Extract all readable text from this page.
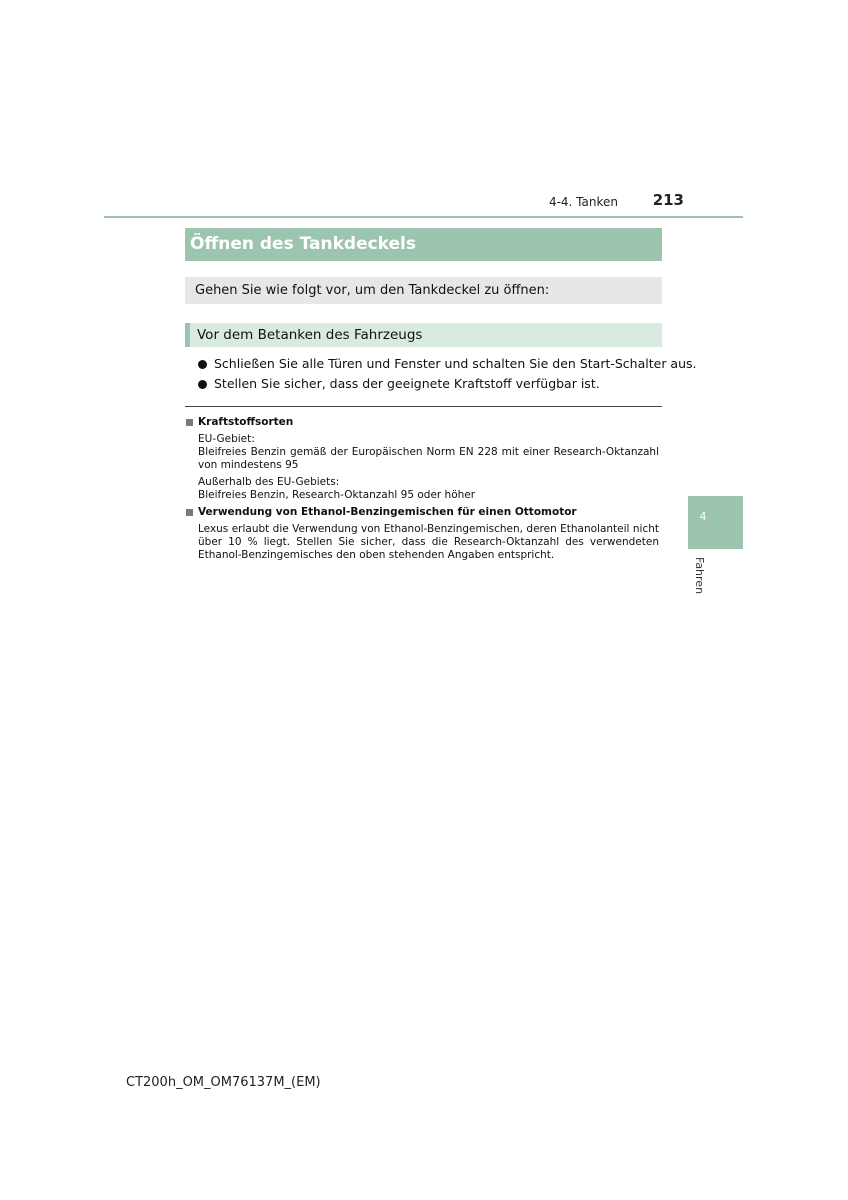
4-4. Tanken 213
Öffnen des Tankdeckels
Gehen Sie wie folgt vor, um den Tankdeckel zu öffnen:
Vor dem Betanken des Fahrzeugs
Schließen Sie alle Türen und Fenster und schalten Sie den Start-Schalter aus.
Stellen Sie sicher, dass der geeignete Kraftstoff verfügbar ist.
Kraftstoffsorten

EU-Gebiet:
Bleifreies Benzin gemäß der Europäischen Norm EN 228 mit einer Research-Oktanzahl von mindestens 95

Außerhalb des EU-Gebiets:
Bleifreies Benzin, Research-Oktanzahl 95 oder höher

Verwendung von Ethanol-Benzingemischen für einen Ottomotor

Lexus erlaubt die Verwendung von Ethanol-Benzingemischen, deren Ethanolanteil nicht über 10 % liegt. Stellen Sie sicher, dass die Research-Oktanzahl des verwendeten Ethanol-Benzingemisches den oben stehenden Angaben entspricht.

4
Fahren
CT200h_OM_OM76137M_(EM)
